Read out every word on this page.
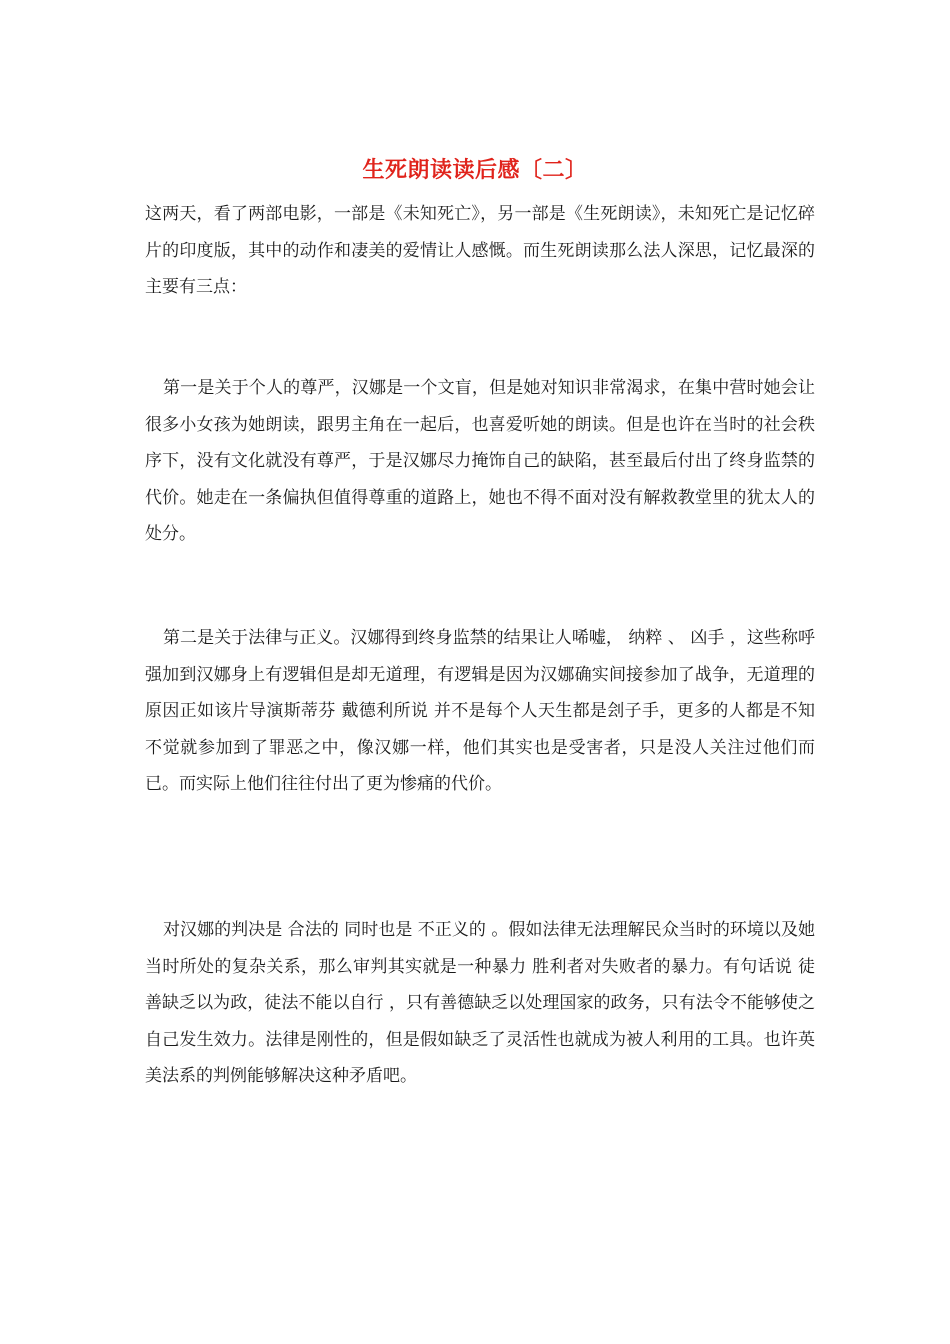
生死朗读读后感〔二〕
这两天，看了两部电影，一部是《未知死亡》，另一部是《生死朗读》，未知死亡是记忆碎片的印度版，其中的动作和凄美的爱情让人感慨。而生死朗读那么法人深思，记忆最深的主要有三点：
第一是关于个人的尊严，汉娜是一个文盲，但是她对知识非常渴求，在集中营时她会让很多小女孩为她朗读，跟男主角在一起后，也喜爱听她的朗读。但是也许在当时的社会秩序下，没有文化就没有尊严，于是汉娜尽力掩饰自己的缺陷，甚至最后付出了终身监禁的代价。她走在一条偏执但值得尊重的道路上，她也不得不面对没有解救教堂里的犹太人的处分。
第二是关于法律与正义。汉娜得到终身监禁的结果让人唏嘘， 纳粹 、 凶手 ，这些称呼强加到汉娜身上有逻辑但是却无道理，有逻辑是因为汉娜确实间接参加了战争，无道理的原因正如该片导演斯蒂芬 戴德利所说 并不是每个人天生都是刽子手，更多的人都是不知不觉就参加到了罪恶之中，像汉娜一样，他们其实也是受害者，只是没人关注过他们而已。而实际上他们往往付出了更为惨痛的代价。
对汉娜的判决是 合法的 同时也是 不正义的 。假如法律无法理解民众当时的环境以及她当时所处的复杂关系，那么审判其实就是一种暴力 胜利者对失败者的暴力。有句话说 徒善缺乏以为政，徒法不能以自行 ，只有善德缺乏以处理国家的政务，只有法令不能够使之自己发生效力。法律是刚性的，但是假如缺乏了灵活性也就成为被人利用的工具。也许英美法系的判例能够解决这种矛盾吧。
